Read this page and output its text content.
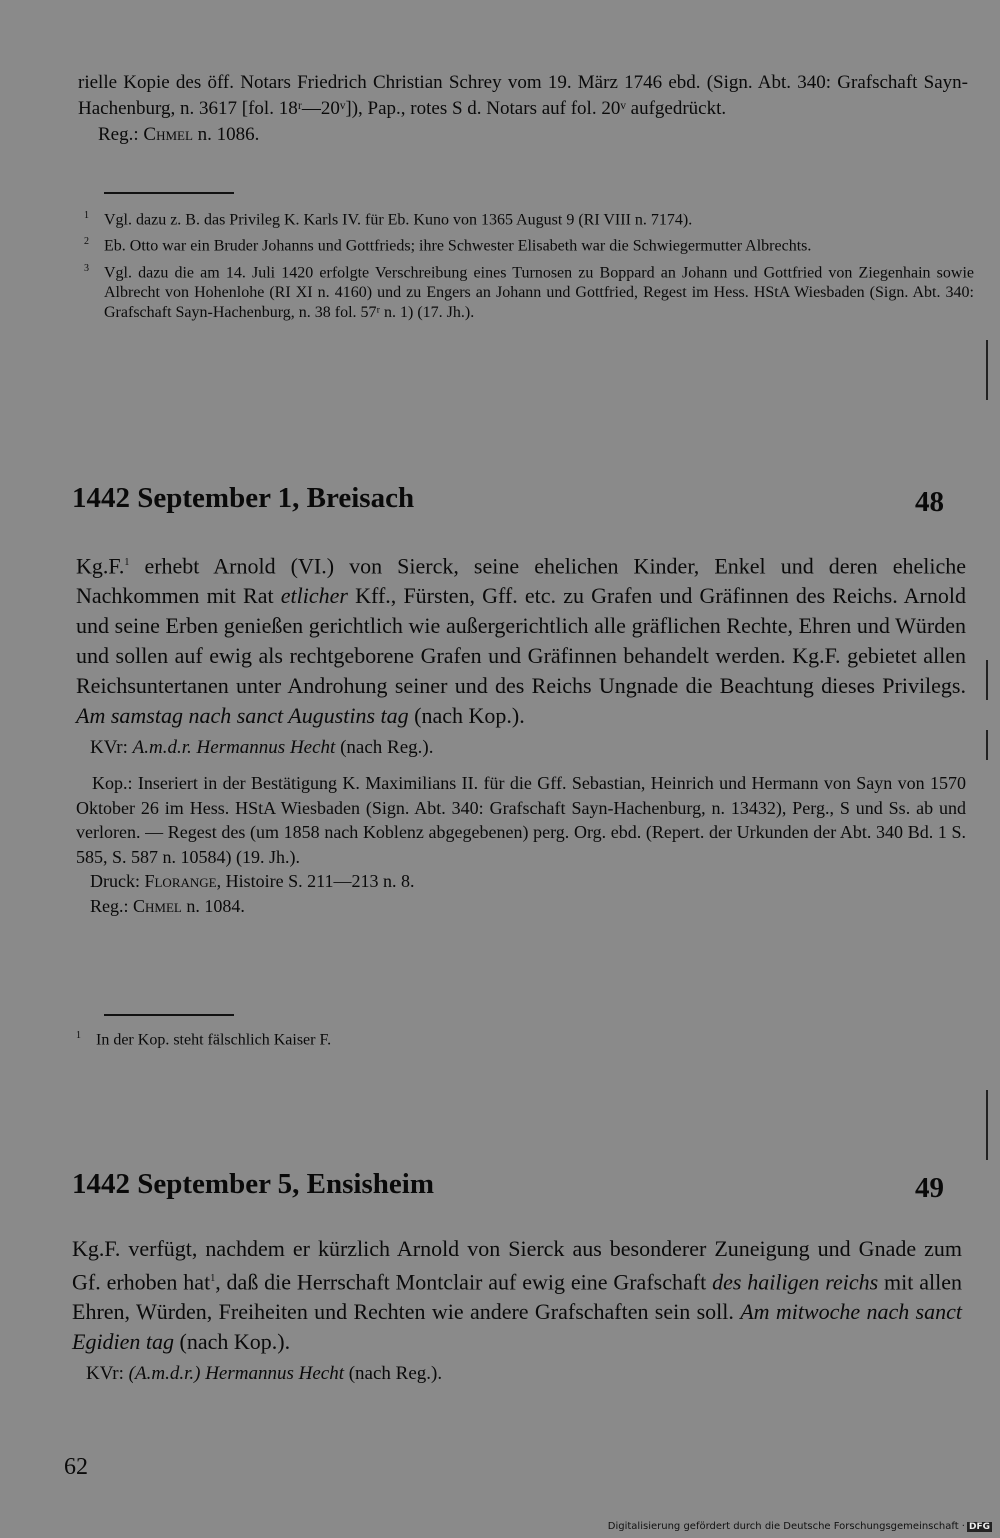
rielle Kopie des öff. Notars Friedrich Christian Schrey vom 19. März 1746 ebd. (Sign. Abt. 340: Grafschaft Sayn-Hachenburg, n. 3617 [fol. 18ʳ—20ᵛ]), Pap., rotes S d. Notars auf fol. 20ᵛ aufgedrückt.

Reg.: Chmel n. 1086.

$^1$ Vgl. dazu z. B. das Privileg K. Karls IV. für Eb. Kuno von 1365 August 9 (RI VIII n. 7174).

$^2$ Eb. Otto war ein Bruder Johanns und Gottfrieds; ihre Schwester Elisabeth war die Schwiegermutter Albrechts.

$^3$ Vgl. dazu die am 14. Juli 1420 erfolgte Verschreibung eines Turnosen zu Boppard an Johann und Gottfried von Ziegenhain sowie Albrecht von Hohenlohe (RI XI n. 4160) und zu Engers an Johann und Gottfried, Regest im Hess. HStA Wiesbaden (Sign. Abt. 340: Grafschaft Sayn-Hachenburg, n. 38 fol. 57ʳ n. 1) (17. Jh.).

1442 September 1, Breisach	48

Kg.F.$^1$ erhebt Arnold (VI.) von Sierck, seine ehelichen Kinder, Enkel und deren eheliche Nachkommen mit Rat etlicher Kff., Fürsten, Gff. etc. zu Grafen und Gräfinnen des Reichs. Arnold und seine Erben genießen gerichtlich wie außergerichtlich alle gräflichen Rechte, Ehren und Würden und sollen auf ewig als rechtgeborene Grafen und Gräfinnen behandelt werden. Kg.F. gebietet allen Reichsuntertanen unter Androhung seiner und des Reichs Ungnade die Beachtung dieses Privilegs. Am samstag nach sanct Augustins tag (nach Kop.).

KVr: A.m.d.r. Hermannus Hecht (nach Reg.).

Kop.: Inseriert in der Bestätigung K. Maximilians II. für die Gff. Sebastian, Heinrich und Hermann von Sayn von 1570 Oktober 26 im Hess. HStA Wiesbaden (Sign. Abt. 340: Grafschaft Sayn-Hachenburg, n. 13432), Perg., S und Ss. ab und verloren. — Regest des (um 1858 nach Koblenz abgegebenen) perg. Org. ebd. (Repert. der Urkunden der Abt. 340 Bd. 1 S. 585, S. 587 n. 10584) (19. Jh.).

Druck: Florange, Histoire S. 211—213 n. 8.

Reg.: Chmel n. 1084.

$^1$ In der Kop. steht fälschlich Kaiser F.

1442 September 5, Ensisheim	49

Kg.F. verfügt, nachdem er kürzlich Arnold von Sierck aus besonderer Zuneigung und Gnade zum Gf. erhoben hat$^1$, daß die Herrschaft Montclair auf ewig eine Grafschaft des hailigen reichs mit allen Ehren, Würden, Freiheiten und Rechten wie andere Grafschaften sein soll. Am mitwoche nach sanct Egidien tag (nach Kop.).

KVr: (A.m.d.r.) Hermannus Hecht (nach Reg.).

62
Digitalisierung gefördert durch die Deutsche Forschungsgemeinschaft · DFG
